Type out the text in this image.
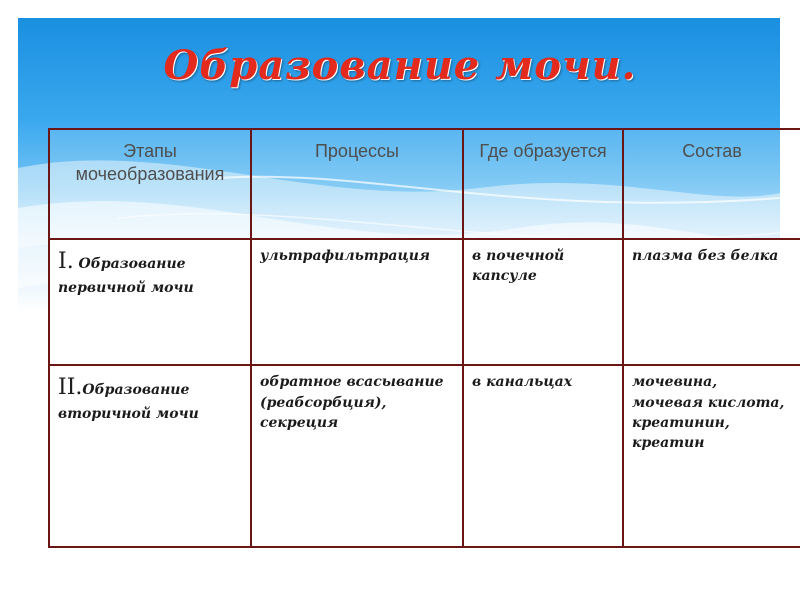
Образование мочи.
Этапы мочеобразования	Процессы	Где образуется	Состав
I. Образование первичной мочи	ультрафильтрация	в почечной капсуле	плазма без белка
II.Образование вторичной мочи	обратное всасывание (реабсорбция), секреция	в канальцах	мочевина, мочевая кислота, креатинин, креатин
